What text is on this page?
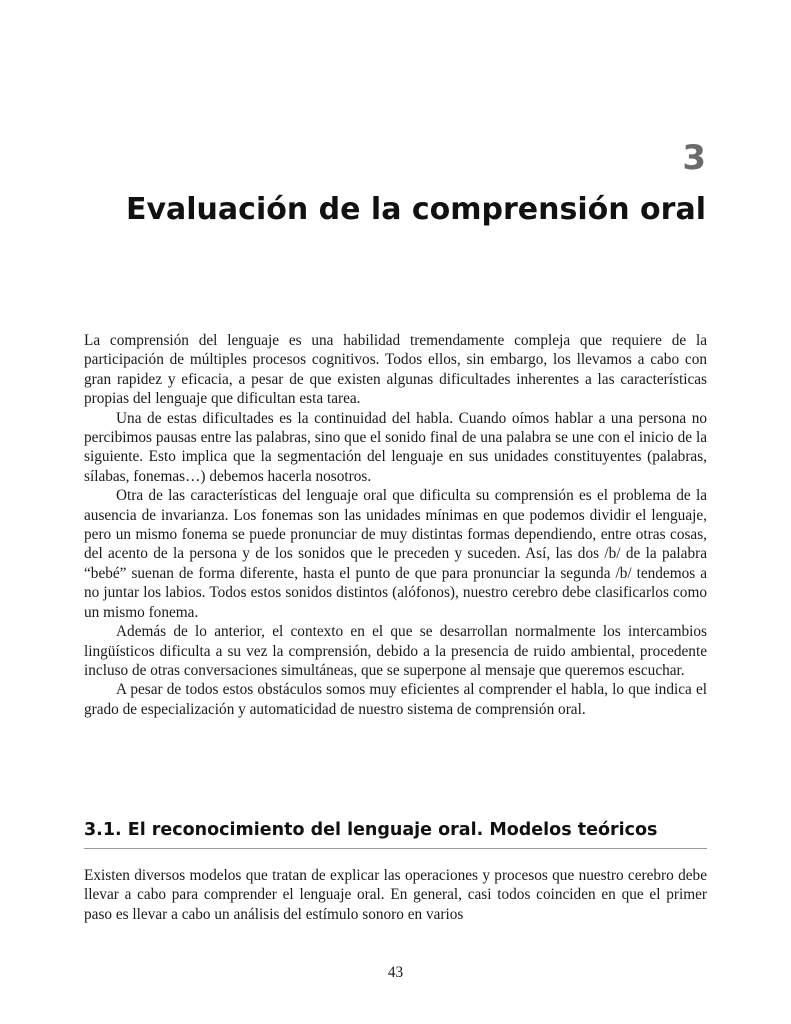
3
Evaluación de la comprensión oral

La comprensión del lenguaje es una habilidad tremendamente compleja que requiere de la participación de múltiples procesos cognitivos. Todos ellos, sin embargo, los llevamos a cabo con gran rapidez y eficacia, a pesar de que existen algunas dificultades inherentes a las características propias del lenguaje que dificultan esta tarea.

Una de estas dificultades es la continuidad del habla. Cuando oímos hablar a una persona no percibimos pausas entre las palabras, sino que el sonido final de una palabra se une con el inicio de la siguiente. Esto implica que la segmentación del lenguaje en sus unidades constituyentes (palabras, sílabas, fonemas…) debemos hacerla nosotros.

Otra de las características del lenguaje oral que dificulta su comprensión es el problema de la ausencia de invarianza. Los fonemas son las unidades mínimas en que podemos dividir el lenguaje, pero un mismo fonema se puede pronunciar de muy distintas formas dependiendo, entre otras cosas, del acento de la persona y de los sonidos que le preceden y suceden. Así, las dos /b/ de la palabra “bebé” suenan de forma diferente, hasta el punto de que para pronunciar la segunda /b/ tendemos a no juntar los labios. Todos estos sonidos distintos (alófonos), nuestro cerebro debe clasificarlos como un mismo fonema.

Además de lo anterior, el contexto en el que se desarrollan normalmente los intercambios lingüísticos dificulta a su vez la comprensión, debido a la presencia de ruido ambiental, procedente incluso de otras conversaciones simultáneas, que se superpone al mensaje que queremos escuchar.

A pesar de todos estos obstáculos somos muy eficientes al comprender el habla, lo que indica el grado de especialización y automaticidad de nuestro sistema de comprensión oral.

3.1. El reconocimiento del lenguaje oral. Modelos teóricos

Existen diversos modelos que tratan de explicar las operaciones y procesos que nuestro cerebro debe llevar a cabo para comprender el lenguaje oral. En general, casi todos coinciden en que el primer paso es llevar a cabo un análisis del estímulo sonoro en varios

43
